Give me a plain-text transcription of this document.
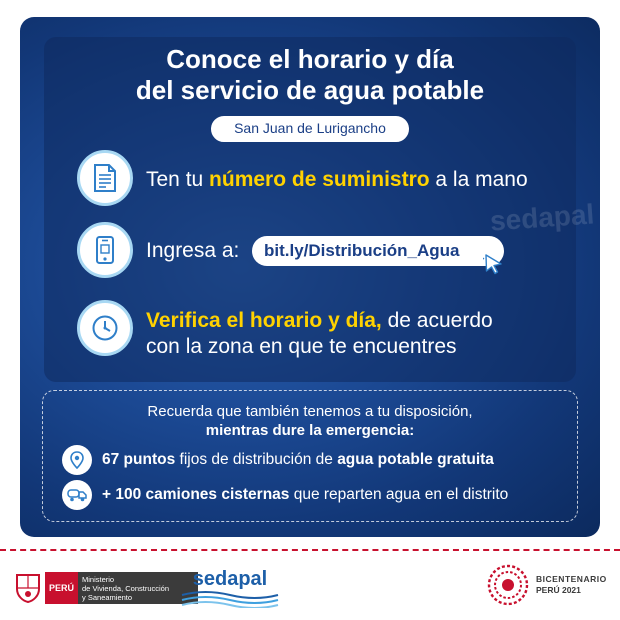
sedapal
Conoce el horario y día
del servicio de agua potable
San Juan de Lurigancho
Ten tu número de suministro a la mano
Ingresa a:	bit.ly/Distribución_Agua
Verifica el horario y día, de acuerdo
con la zona en que te encuentres
Recuerda que también tenemos a tu disposición,
mientras dure la emergencia:
67 puntos fijos de distribución de agua potable gratuita
+ 100 camiones cisternas que reparten agua en el distrito
PERÚ
Ministerio
de Vivienda, Construcción
y Saneamiento
sedapal	BICENTENARIO
PERÚ 2021
